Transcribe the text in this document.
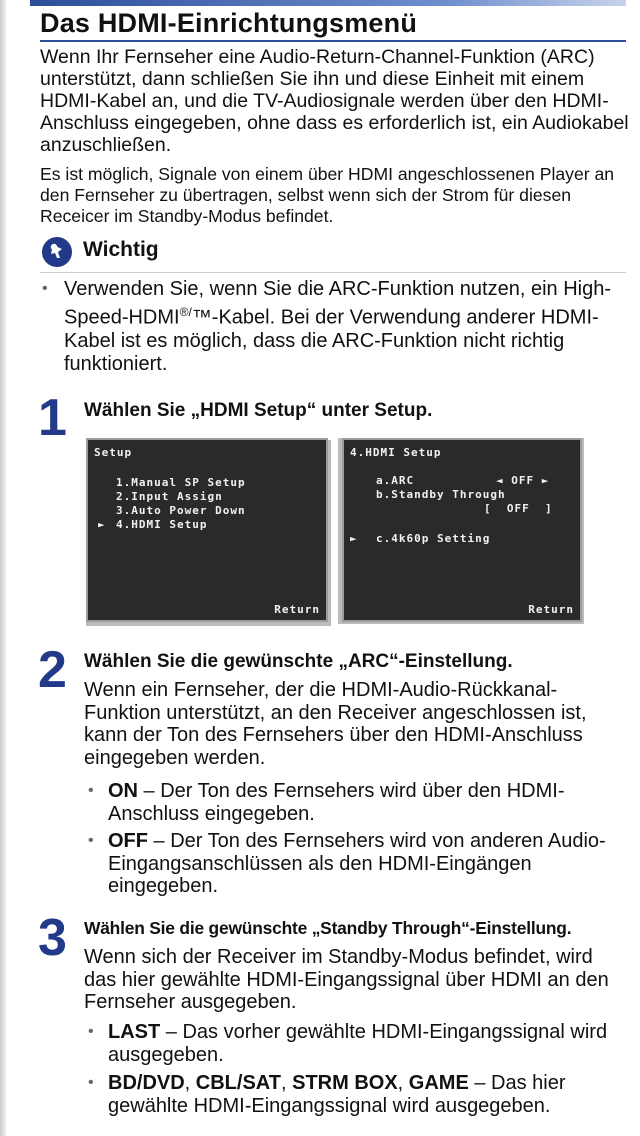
Das HDMI-Einrichtungsmenü
Wenn Ihr Fernseher eine Audio-Return-Channel-Funktion (ARC) unterstützt, dann schließen Sie ihn und diese Einheit mit einem HDMI-Kabel an, und die TV-Audiosignale werden über den HDMI-Anschluss eingegeben, ohne dass es erforderlich ist, ein Audiokabel anzuschließen.
Es ist möglich, Signale von einem über HDMI angeschlossenen Player an den Fernseher zu übertragen, selbst wenn sich der Strom für diesen Receicer im Standby-Modus befindet.
Wichtig
• Verwenden Sie, wenn Sie die ARC-Funktion nutzen, ein High-Speed-HDMI®/™-Kabel. Bei der Verwendung anderer HDMI-Kabel ist es möglich, dass die ARC-Funktion nicht richtig funktioniert.
1 Wählen Sie „HDMI Setup“ unter Setup.
Setup
1.Manual SP Setup
2.Input Assign
3.Auto Power Down
► 4.HDMI Setup
Return
4.HDMI Setup
a.ARC	◄ OFF ►
b.Standby Through
[  OFF  ]
► c.4k60p Setting
Return
2 Wählen Sie die gewünschte „ARC“-Einstellung.
Wenn ein Fernseher, der die HDMI-Audio-Rückkanal-Funktion unterstützt, an den Receiver angeschlossen ist, kann der Ton des Fernsehers über den HDMI-Anschluss eingegeben werden.
• ON – Der Ton des Fernsehers wird über den HDMI-Anschluss eingegeben.
• OFF – Der Ton des Fernsehers wird von anderen Audio-Eingangsanschlüssen als den HDMI-Eingängen eingegeben.
3 Wählen Sie die gewünschte „Standby Through“-Einstellung.
Wenn sich der Receiver im Standby-Modus befindet, wird das hier gewählte HDMI-Eingangssignal über HDMI an den Fernseher ausgegeben.
• LAST – Das vorher gewählte HDMI-Eingangssignal wird ausgegeben.
• BD/DVD, CBL/SAT, STRM BOX, GAME – Das hier gewählte HDMI-Eingangssignal wird ausgegeben.
